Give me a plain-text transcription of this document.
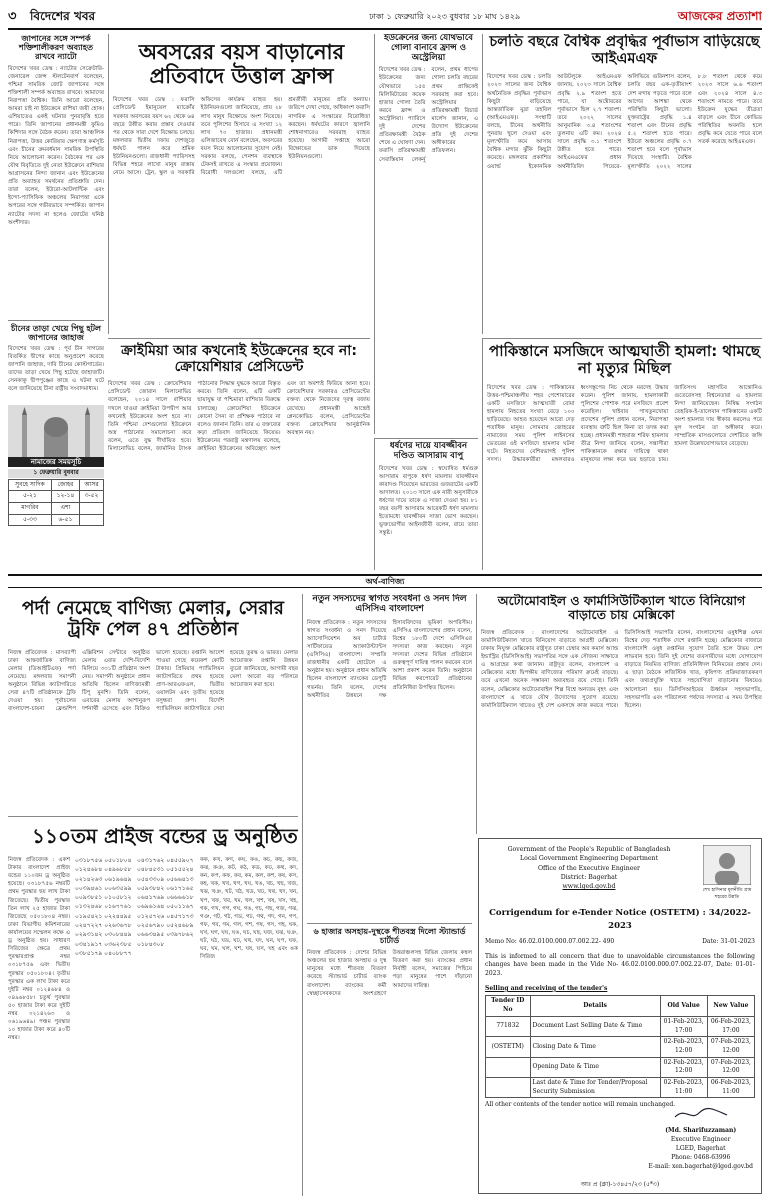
৩	বিদেশের খবর	ঢাকা ১ ফেব্রুয়ারি ২০২৩ বুধবার ১৮ মাঘ ১৪২৯	আজকের প্রত্যাশা
জাপানের সঙ্গে সম্পর্ক শক্তিশালীকরণ অব্যাহত রাখবে ন্যাটো
বিদেশের খবর ডেস্ক : ন্যাটোর সেক্রেটারি-জেনারেল জেন্স স্টলটেনবার্গ বলেছেন, পশ্চিমা সামরিক জোট জাপানের সঙ্গে শক্তিশালী সম্পর্ক অব্যাহত রাখবে। আমাদের নিরাপত্তা বৈশ্বিক। তিনি আরো বলেছেন, আমরা চাই না ইউক্রেনে রাশিয়া জয়ী হোক। এশিয়াতেও একই ঘটনার পুনরাবৃত্তি হতে পারে। তিনি জাপানের প্রধানমন্ত্রী ফুমিও কিশিদার সঙ্গে বৈঠক করেন। তারা আঞ্চলিক নিরাপত্তা, উত্তর কোরিয়ার ক্ষেপণাস্ত্র কর্মসূচি এবং চীনের ক্রমবর্ধমান সামরিক উপস্থিতি নিয়ে আলোচনা করেন। বৈঠকের পর এক যৌথ বিবৃতিতে দুই নেতা ইউক্রেনে রাশিয়ার আগ্রাসনের নিন্দা জানান এবং ইউক্রেনের প্রতি অব্যাহত সমর্থনের প্রতিশ্রুতি দেন। তারা বলেন, ইউরো-আটলান্টিক এবং ইন্দো-প্যাসিফিক অঞ্চলের নিরাপত্তা একে অপরের সঙ্গে গভীরভাবে সম্পর্কিত। জাপান ন্যাটোর সদস্য না হলেও জোটের ঘনিষ্ঠ অংশীদার।
চীনের তাড়া খেয়ে পিছু হটল জাপানের জাহাজ
বিদেশের খবর ডেস্ক : পূর্ব চীন সাগরের বিতর্কিত দ্বীপের কাছে অনুপ্রবেশ করেছে জাপানি জাহাজ, দাবি চীনের কোস্টগার্ডের। তাদের তাড়া খেয়ে পিছু হটেছে জাহাজটি। সেনকাকু দ্বীপপুঞ্জের কাছে এ ঘটনা ঘটে বলে জানিয়েছে চীনা রাষ্ট্রীয় সংবাদমাধ্যম।
নামাজের সময়সূচি
১ ফেব্রুয়ারি বুধবার
সুবহে সাদিক	জোহর	আসর
৫-২১	১২-১৪	৩-৫২
মাগরিব	এশা	
৫-৩৩	৬-৫১	
অবসরের বয়স বাড়ানোর প্রতিবাদে উত্তাল ফ্রান্স
বিদেশের খবর ডেস্ক : ফরাসি প্রেসিডেন্ট ইমানুয়েল ম্যাক্রোঁর সরকার অবসরের বয়স ৬২ থেকে ৬৪ বছরে উন্নীত করার প্রস্তাব দেওয়ার পর থেকে সারা দেশে বিক্ষোভ চলছে। মঙ্গলবার দ্বিতীয় দফায় দেশজুড়ে ধর্মঘট পালন করে শ্রমিক ইউনিয়নগুলো। রাজধানী প্যারিসসহ বিভিন্ন শহরে লাখো মানুষ রাস্তায় নেমে আসে। ট্রেন, স্কুল ও সরকারি অফিসের কার্যক্রম ব্যাহত হয়। ইউনিয়নগুলো জানিয়েছে, প্রায় ২৮ লাখ মানুষ বিক্ষোভে অংশ নিয়েছে। তবে পুলিশের হিসাবে এ সংখ্যা ১২ লাখ ৭০ হাজার। প্রধানমন্ত্রী এলিজাবেথ বোর্ন বলেছেন, অবসরের বয়স নিয়ে আলোচনার সুযোগ নেই। সরকার বলছে, পেনশন ব্যবস্থাকে টেকসই রাখতে এ সংস্কার প্রয়োজন। বিরোধী দলগুলো বলছে, এটি শ্রমজীবী মানুষের প্রতি অন্যায়। জরিপে দেখা গেছে, অধিকাংশ ফরাসি নাগরিক এ সংস্কারের বিরোধিতা করছেন। ধর্মঘটের কারণে জ্বালানি শোধনাগারেও সরবরাহ ব্যাহত হয়েছে। আগামী সপ্তাহে আরো বিক্ষোভের ডাক দিয়েছে ইউনিয়নগুলো।
ইউক্রেনের জন্য যৌথভাবে গোলা বানাবে ফ্রান্স ও অস্ট্রেলিয়া
বিদেশের খবর ডেস্ক : ইউক্রেনের জন্য যৌথভাবে ১৫৫ মিলিমিটারের কয়েক হাজার গোলা তৈরি করবে ফ্রান্স ও অস্ট্রেলিয়া। প্যারিসে দুই দেশের প্রতিরক্ষামন্ত্রী বৈঠক শেষে এ ঘোষণা দেন। ফরাসি প্রতিরক্ষামন্ত্রী সেবাস্তিয়ান লেকর্নু বলেন, প্রথম ধাপের গোলা চলতি বছরের প্রথম প্রান্তিকেই সরবরাহ করা হবে। অস্ট্রেলিয়ার প্রতিরক্ষামন্ত্রী রিচার্ড মার্লেস জানান, এ উদ্যোগ ইউক্রেনের প্রতি দুই দেশের অঙ্গীকারের প্রতিফলন।
চলতি বছরে বৈশ্বিক প্রবৃদ্ধির পূর্বাভাস বাড়িয়েছে আইএমএফ
বিদেশের খবর ডেস্ক : চলতি ২০২৩ সালের জন্য বৈশ্বিক অর্থনৈতিক প্রবৃদ্ধির পূর্বাভাস কিছুটা বাড়িয়েছে আন্তর্জাতিক মুদ্রা তহবিল (আইএমএফ)। সংস্থাটি বলছে, চীনের অর্থনীতি পুনরায় খুলে দেওয়া এবং মূল্যস্ফীতি কমে আসায় বৈশ্বিক মন্দার ঝুঁকি কিছুটা কমেছে। মঙ্গলবার প্রকাশিত ওয়ার্ল্ড ইকোনমিক আউটলুকে আইএমএফ জানায়, ২০২৩ সালে বৈশ্বিক প্রবৃদ্ধি ২.৯ শতাংশ হতে পারে, যা অক্টোবরের পূর্বাভাসে ছিল ২.৭ শতাংশ। তবে ২০২২ সালের আনুমানিক ৩.৪ শতাংশের তুলনায় এটি কম। ২০২৪ সালে প্রবৃদ্ধি ৩.১ শতাংশে উন্নীত হতে পারে। আইএমএফের প্রধান অর্থনীতিবিদ পিয়েরে-অলিভিয়ে গুরিনশাস বলেন, চলতি বছর এক-তৃতীয়াংশ দেশ মন্দায় পড়তে পারে বলে আগের আশঙ্কা থেকে পরিস্থিতি কিছুটা ভালো। যুক্তরাষ্ট্রের প্রবৃদ্ধি ১.৪ শতাংশ এবং চীনের প্রবৃদ্ধি ৫.২ শতাংশ হতে পারে। ইউরো অঞ্চলের প্রবৃদ্ধি ০.৭ শতাংশ হবে বলে পূর্বাভাস দিয়েছে সংস্থাটি। বৈশ্বিক মূল্যস্ফীতি ২০২২ সালের ৮.৮ শতাংশ থেকে কমে ২০২৩ সালে ৬.৬ শতাংশ এবং ২০২৪ সালে ৪.৩ শতাংশে নামতে পারে। তবে ইউক্রেন যুদ্ধের তীব্রতা বাড়লে এবং চীনে কোভিড পরিস্থিতির অবনতি হলে প্রবৃদ্ধি কমে যেতে পারে বলে সতর্ক করেছে আইএমএফ।
ক্রাইমিয়া আর কখনোই ইউক্রেনের হবে না: ক্রোয়েশিয়ার প্রেসিডেন্ট
বিদেশের খবর ডেস্ক : ক্রোয়েশিয়ার প্রেসিডেন্ট জোরান মিলানোভিচ বলেছেন, ২০১৪ সালে রাশিয়ার দখলে যাওয়া ক্রাইমিয়া উপদ্বীপ আর কখনোই ইউক্রেনের অংশ হবে না। তিনি পশ্চিমা দেশগুলোর ইউক্রেনে অস্ত্র পাঠানোর সমালোচনা করে বলেন, এতে যুদ্ধ দীর্ঘায়িত হবে। মিলানোভিচ বলেন, জার্মানির ট্যাংক পাঠানোর সিদ্ধান্ত যুদ্ধকে আরো বিস্তৃত করবে। তিনি বলেন, এটি একটি ছায়াযুদ্ধ যা পশ্চিমারা রাশিয়ার বিরুদ্ধে চালাচ্ছে। ক্রোয়েশিয়া ইউক্রেনে কোনো সৈন্য বা প্রশিক্ষক পাঠাবে না বলেও জানান তিনি। তার এ বক্তব্যের কড়া প্রতিবাদ জানিয়েছে কিয়েভ। ইউক্রেনের পররাষ্ট্র মন্ত্রণালয় বলেছে, ক্রাইমিয়া ইউক্রেনের অবিচ্ছেদ্য অংশ এবং তা অবশ্যই ফিরিয়ে আনা হবে। ক্রোয়েশিয়ার সরকারও প্রেসিডেন্টের বক্তব্য থেকে নিজেদের দূরত্ব বজায় রেখেছে। প্রধানমন্ত্রী আন্দ্রেই প্লেনকোভিচ বলেন, প্রেসিডেন্টের বক্তব্য ক্রোয়েশিয়ার আনুষ্ঠানিক অবস্থান নয়।
ধর্ষণের দায়ে যাবজ্জীবন দণ্ডিত আসারাম বাপু
বিদেশের খবর ডেস্ক : স্বঘোষিত ধর্মগুরু আসারাম বাপুকে ধর্ষণ মামলায় যাবজ্জীবন কারাদণ্ড দিয়েছেন ভারতের গুজরাটের একটি আদালত। ২০১৩ সালে এক নারী অনুসারীকে ধর্ষণের দায়ে তাকে এ সাজা দেওয়া হয়। ৮১ বছর বয়সী আসারাম আরেকটি ধর্ষণ মামলায় ইতোমধ্যে যাবজ্জীবন সাজা ভোগ করছেন। ভুক্তভোগীর আইনজীবী বলেন, রায়ে তারা সন্তুষ্ট।
পাকিস্তানে মসজিদে আত্মঘাতী হামলা: থামছে না মৃত্যুর মিছিল
বিদেশের খবর ডেস্ক : পাকিস্তানের উত্তর-পশ্চিমাঞ্চলীয় শহর পেশোয়ারের একটি মসজিদে আত্মঘাতী বোমা হামলায় নিহতের সংখ্যা বেড়ে ১০০ ছাড়িয়েছে। আহত হয়েছেন আরো দেড় শতাধিক মানুষ। সোমবার জোহরের নামাজের সময় পুলিশ লাইনসের ভেতরের ওই মসজিদে হামলার ঘটনা ঘটে। নিহতদের বেশিরভাগই পুলিশ সদস্য। উদ্ধারকারীরা মঙ্গলবারও ধ্বংসস্তূপের নিচ থেকে মরদেহ উদ্ধার করেন। পুলিশ জানায়, হামলাকারী পুলিশের পোশাক পরে মসজিদে প্রবেশ করেছিল। খাইবার পাখতুনখোয়া প্রদেশের পুলিশ প্রধান বলেন, নিরাপত্তা ব্যবস্থায় ত্রুটি ছিল কিনা তা তদন্ত করা হচ্ছে। প্রধানমন্ত্রী শাহবাজ শরিফ হামলার তীব্র নিন্দা জানিয়ে বলেন, সন্ত্রাসীরা পাকিস্তানকে রক্ষার দায়িত্বে থাকা মানুষদের লক্ষ্য করে ভয় ছড়াতে চায়। জাতিসংঘ মহাসচিব আন্তোনিও গুতেরেসসহ বিশ্বনেতারা এ হামলার নিন্দা জানিয়েছেন। নিষিদ্ধ সংগঠন তেহরিক-ই-তালেবান পাকিস্তানের একটি অংশ হামলার দায় স্বীকার করলেও পরে মূল সংগঠন তা অস্বীকার করে। সাম্প্রতিক মাসগুলোতে দেশটিতে জঙ্গি হামলা উল্লেখযোগ্যভাবে বেড়েছে।
অর্থ-বাণিজ্য
পর্দা নেমেছে বাণিজ্য মেলার, সেরার ট্রফি পেল ৪৭ প্রতিষ্ঠান
নিজস্ব প্রতিবেদক : মাসব্যাপী ঢাকা আন্তর্জাতিক বাণিজ্য মেলার (ডিআইটিএফ) পর্দা নেমেছে। মঙ্গলবার সমাপনী অনুষ্ঠানে বিভিন্ন ক্যাটাগরিতে সেরা ৪৭টি প্রতিষ্ঠানকে ট্রফি দেওয়া হয়। পূর্বাচলের বাংলাদেশ-চায়না ফ্রেন্ডশিপ এক্সিবিশন সেন্টারে অনুষ্ঠিত মেলায় এবার দেশি-বিদেশি মিলিয়ে ৩৩১টি প্রতিষ্ঠান অংশ নেয়। সমাপনী অনুষ্ঠানে প্রধান অতিথি ছিলেন বাণিজ্যমন্ত্রী টিপু মুনশি। তিনি বলেন, এবারের মেলায় আশানুরূপ দর্শনার্থী এসেছে এবং বিক্রিও ভালো হয়েছে। রপ্তানি আদেশ পাওয়া গেছে কয়েকশ কোটি টাকার। প্রিমিয়ার প্যাভিলিয়ন ক্যাটাগরিতে প্রথম হয়েছে প্রাণ-আরএফএল, দ্বিতীয় ওয়ালটন এবং তৃতীয় হয়েছে বসুন্ধরা গ্রুপ। বিদেশি প্যাভিলিয়ন ক্যাটাগরিতে সেরা হয়েছে তুরস্ক ও ভারত। মেলার আয়োজক রপ্তানি উন্নয়ন ব্যুরো জানিয়েছে, আগামী বছর মেলা আরো বড় পরিসরে আয়োজন করা হবে।
১১০তম প্রাইজ বন্ডের ড্র অনুষ্ঠিত
নিজস্ব প্রতিবেদক : একশ টাকার বাংলাদেশ প্রাইজ বন্ডের ১১০তম ড্র অনুষ্ঠিত হয়েছে। ০৩১৮৭৫৬ নম্বরটি প্রথম পুরস্কার ছয় লাখ টাকা জিতেছে। দ্বিতীয় পুরস্কার তিন লাখ ২৫ হাজার টাকা জিতেছে ০৫০১৮০৪ নম্বর। ঢাকা বিভাগীয় কমিশনারের কার্যালয়ের সম্মেলন কক্ষে এ ড্র অনুষ্ঠিত হয়। সাধারণ সিরিজের ক্ষেত্রে প্রথম পুরস্কারপ্রাপ্ত নম্বর ০৩১৮৭৫৬ এবং দ্বিতীয় পুরস্কার ০৫০১৮০৪। তৃতীয় পুরস্কার এক লাখ টাকা করে দুইটি নম্বর ০১২৪৬৮৪ ও ০৪৯৬৮৫৮। চতুর্থ পুরস্কার ৫০ হাজার টাকা করে দুইটি নম্বর ০২১৪২৬৩ ও ০৬১৯৬৪৯। পঞ্চম পুরস্কার ১০ হাজার টাকা করে ৪০টি নম্বর।
০৩১৮৭৫৬ ০৫০১৮০৪ ০১২৪৬৮৪ ০৪৯৬৮৫৮ ০২১৪২৬৩ ০৬১৯৬৪৯ ০০৩৯৪৬১ ০০৬৩৫৯৯ ০০৯৩৮৫১ ০১০৫৮১২ ০১৩২৪৬৮ ০১৬৭৭৬১ ০১৯৫৪২১ ০২২৪৪৯৫ ০২৪৭২২৭ ০২৬৩৬৭৮ ০২৯৩১৪২ ০৩০৮৪৪৯ ০৩৪১৯১৭ ০৩৬২৩৮৫ ০৩৮৫১৭৯ ০৪০৮৮৭৭ ০৪৩১৭৬২ ০৪৫৫৯০৭ ০৪৮৪৫৩১ ০৫১৫৫২৪ ০৫৪৩৩০৯ ০৫৬৬৪১৩ ০৫৯৩৮৪২ ০৬১৭১৬৫ ০৬৪১৭৬৯ ০৬৬৬৬১৮ ০৬৯৬১৬৪ ০৫০১১৬৭ ০১২৫৭২৬ ০৪৫৭১৭৩ ০২৫৬৭৯০ ০৫২৪৬৮৯ ০৬৬৩৪৯৫ ০৩৯৭৮৬২ ০১৮৪৩০৮
কক, কখ, কগ, কঘ, কঙ, কচ, কছ, কজ, কঝ, কঞ, কট, কঠ, কড, কঢ, কথ, কদ, কন, কপ, কফ, কব, কম, কল, কশ, কষ, কস, কহ, খক, খখ, খগ, খঘ, খঙ, খচ, খছ, খজ, খঝ, খঞ, খট, খঠ, খড, খঢ, খথ, খদ, খন, খপ, খফ, খব, খম, খল, খশ, খষ, খস, খহ, গক, গখ, গগ, গঘ, গঙ, গচ, গছ, গজ, গঝ, গঞ, গট, গঠ, গড, গঢ, গথ, গদ, গন, গপ, গফ, গব, গম, গল, গশ, গষ, গস, গহ, ঘক, ঘখ, ঘগ, ঘঘ, ঘঙ, ঘচ, ঘছ, ঘজ, ঘঝ, ঘঞ, ঘট, ঘঠ, ঘড, ঘঢ, ঘথ, ঘদ, ঘন, ঘপ, ঘফ, ঘব, ঘম, ঘল, ঘশ, ঘষ, ঘস, ঘহ এবং ঙক সিরিজ
নতুন সদস্যদের স্বাগত সংবর্ধনা ও সনদ দিল এসিসিএ বাংলাদেশ
নিজস্ব প্রতিবেদক : নতুন সদস্যদের স্বাগত সংবর্ধনা ও সনদ দিয়েছে অ্যাসোসিয়েশন অব চার্টার্ড সার্টিফায়েড অ্যাকাউন্ট্যান্টস (এসিসিএ) বাংলাদেশ। সম্প্রতি রাজধানীর একটি হোটেলে এ অনুষ্ঠান হয়। অনুষ্ঠানে প্রধান অতিথি ছিলেন বাংলাদেশ ব্যাংকের ডেপুটি গভর্নর। তিনি বলেন, দেশের অর্থনীতির উন্নয়নে দক্ষ হিসাববিদদের ভূমিকা অপরিসীম। এসিসিএ বাংলাদেশের প্রধান বলেন, বিশ্বের ১৮০টি দেশে এসিসিএর সদস্যরা কাজ করছেন। নতুন সদস্যরা দেশের বিভিন্ন প্রতিষ্ঠানে গুরুত্বপূর্ণ দায়িত্ব পালন করবেন বলে আশা প্রকাশ করেন তিনি। অনুষ্ঠানে বিভিন্ন করপোরেট প্রতিষ্ঠানের প্রতিনিধিরা উপস্থিত ছিলেন।
৬ হাজার অসহায়-দুস্থকে শীতবস্ত্র দিলো স্ট্যান্ডার্ড চার্টার্ড
নিজস্ব প্রতিবেদক : দেশের বিভিন্ন অঞ্চলের ছয় হাজার অসহায় ও দুস্থ মানুষের মধ্যে শীতবস্ত্র বিতরণ করেছে স্ট্যান্ডার্ড চার্টার্ড ব্যাংক বাংলাদেশ। ব্যাংকের কর্মী স্বেচ্ছাসেবকদের অংশগ্রহণে উত্তরাঞ্চলসহ বিভিন্ন জেলায় কম্বল বিতরণ করা হয়। ব্যাংকের প্রধান নির্বাহী বলেন, সমাজের পিছিয়ে পড়া মানুষের পাশে দাঁড়ানো আমাদের দায়িত্ব।
অটোমোবাইল ও ফার্মাসিউটিক্যাল খাতে বিনিয়োগ বাড়াতে চায় মেক্সিকো
নিজস্ব প্রতিবেদক : বাংলাদেশের অটোমোবাইল ও ফার্মাসিউটিক্যাল খাতে বিনিয়োগ বাড়াতে আগ্রহী মেক্সিকো। ঢাকায় নিযুক্ত মেক্সিকোর রাষ্ট্রদূত ঢাকা চেম্বার অব কমার্স অ্যান্ড ইন্ডাস্ট্রির (ডিসিসিআই) সভাপতির সঙ্গে এক সৌজন্য সাক্ষাতে এ আগ্রহের কথা জানান। রাষ্ট্রদূত বলেন, বাংলাদেশ ও মেক্সিকোর মধ্যে দ্বিপক্ষীয় বাণিজ্যের পরিমাণ ক্রমেই বাড়ছে। তবে এখনো অনেক সম্ভাবনা অব্যবহৃত রয়ে গেছে। তিনি বলেন, মেক্সিকোর অটোমোবাইল শিল্প বিশ্বে অন্যতম বৃহৎ এবং বাংলাদেশে এ খাতে যৌথ উদ্যোগের সুযোগ রয়েছে। ফার্মাসিউটিক্যাল খাতেও দুই দেশ একসঙ্গে কাজ করতে পারে। ডিসিসিআই সভাপতি বলেন, বাংলাদেশের ওষুধশিল্প এখন বিশ্বের দেড় শতাধিক দেশে রপ্তানি হচ্ছে। মেক্সিকোর বাজারে বাংলাদেশি ওষুধ রপ্তানির সুযোগ তৈরি হলে উভয় দেশ লাভবান হবে। তিনি দুই দেশের ব্যবসায়ীদের মধ্যে যোগাযোগ বাড়াতে নিয়মিত বাণিজ্য প্রতিনিধিদল বিনিময়ের প্রস্তাব দেন। এ ছাড়া বৈঠকে লজিস্টিক খাত, কৃষিপণ্য প্রক্রিয়াজাতকরণ এবং তথ্যপ্রযুক্তি খাতে সহযোগিতা বাড়ানোর বিষয়েও আলোচনা হয়। ডিসিসিআইয়ের ঊর্ধ্বতন সহসভাপতি, সহসভাপতি এবং পরিচালনা পর্ষদের সদস্যরা এ সময় উপস্থিত ছিলেন।
Government of the People's Republic of Bangladesh
Local Government Engineering Department
Office of the Executive Engineer
District: Bagerhat
www.lged.gov.bd
শেখ হাসিনার মূলনীতি গ্রাম শহরের উন্নতি
Corrigendum for e-Tender Notice (OSTETM) : 34/2022-2023
Memo No: 46.02.0100.000.07.002.22- 490	Date: 31-01-2023
This is informed to all concern that due to unavoidable circumstances the following changes have been made in the Vide No- 46.02.0100.000.07.002.22-07, Date: 01-01-2023.
Selling and receiving of the tender's
Tender ID No	Details	Old Value	New Value
771832	Document Last Selling Date & Time	01-Feb-2023, 17:00	06-Feb-2023, 17:00
(OSTETM)	Closing Date & Time	02-Feb-2023, 12:00	07-Feb-2023, 12:00
	Opening Date & Time	02-Feb-2023, 12:00	07-Feb-2023, 12:00
	Last date & Time for Tender/Proposal Security Submission	02-Feb-2023, 11:00	06-Feb-2023, 11:00
All other contents of the tender notice will remain unchanged.
(Md. Sharifuzzaman)
Executive Engineer
LGED, Bagerhat
Phone: 0468-63996
E-mail: xen.bagerhat@lged.gov.bd
আঃ প্র (ক্লা)-১৩৪৫৭/২৩ (৫*৩)
